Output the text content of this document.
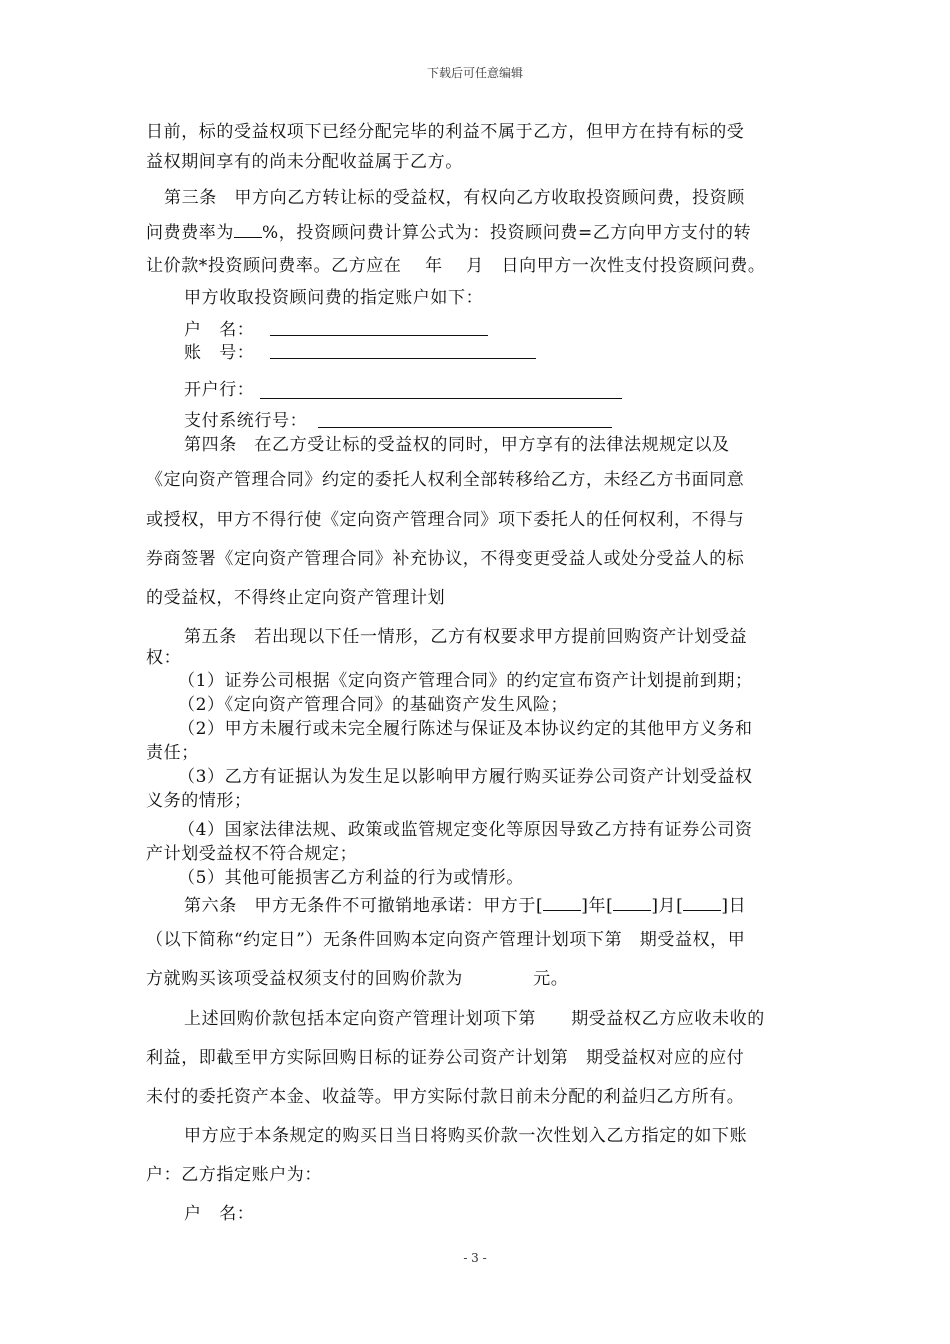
下载后可任意编辑
日前，标的受益权项下已经分配完毕的利益不属于乙方，但甲方在持有标的受
益权期间享有的尚未分配收益属于乙方。
第三条　甲方向乙方转让标的受益权，有权向乙方收取投资顾问费，投资顾
问费费率为 %，投资顾问费计算公式为：投资顾问费=乙方向甲方支付的转
让价款*投资顾问费率。乙方应在　 年　 月　日向甲方一次性支付投资顾问费。
甲方收取投资顾问费的指定账户如下：
户　名：
账　号：
开户行：
支付系统行号：
第四条　在乙方受让标的受益权的同时，甲方享有的法律法规规定以及
《定向资产管理合同》约定的委托人权利全部转移给乙方，未经乙方书面同意
或授权，甲方不得行使《定向资产管理合同》项下委托人的任何权利，不得与
券商签署《定向资产管理合同》补充协议，不得变更受益人或处分受益人的标
的受益权，不得终止定向资产管理计划
第五条　若出现以下任一情形，乙方有权要求甲方提前回购资产计划受益
权：
（1）证券公司根据《定向资产管理合同》的约定宣布资产计划提前到期；
（2）《定向资产管理合同》的基础资产发生风险；
（2）甲方未履行或未完全履行陈述与保证及本协议约定的其他甲方义务和
责任；
（3）乙方有证据认为发生足以影响甲方履行购买证券公司资产计划受益权
义务的情形；
（4）国家法律法规、政策或监管规定变化等原因导致乙方持有证券公司资
产计划受益权不符合规定；
（5）其他可能损害乙方利益的行为或情形。
第六条　甲方无条件不可撤销地承诺：甲方于[ ]年[ ]月[ ]日
（以下简称“约定日”）无条件回购本定向资产管理计划项下第　期受益权，甲
方就购买该项受益权须支付的回购价款为　　　　元。
上述回购价款包括本定向资产管理计划项下第　　期受益权乙方应收未收的
利益，即截至甲方实际回购日标的证券公司资产计划第　期受益权对应的应付
未付的委托资产本金、收益等。甲方实际付款日前未分配的利益归乙方所有。
甲方应于本条规定的购买日当日将购买价款一次性划入乙方指定的如下账
户：乙方指定账户为：
户　名：
- 3 -
